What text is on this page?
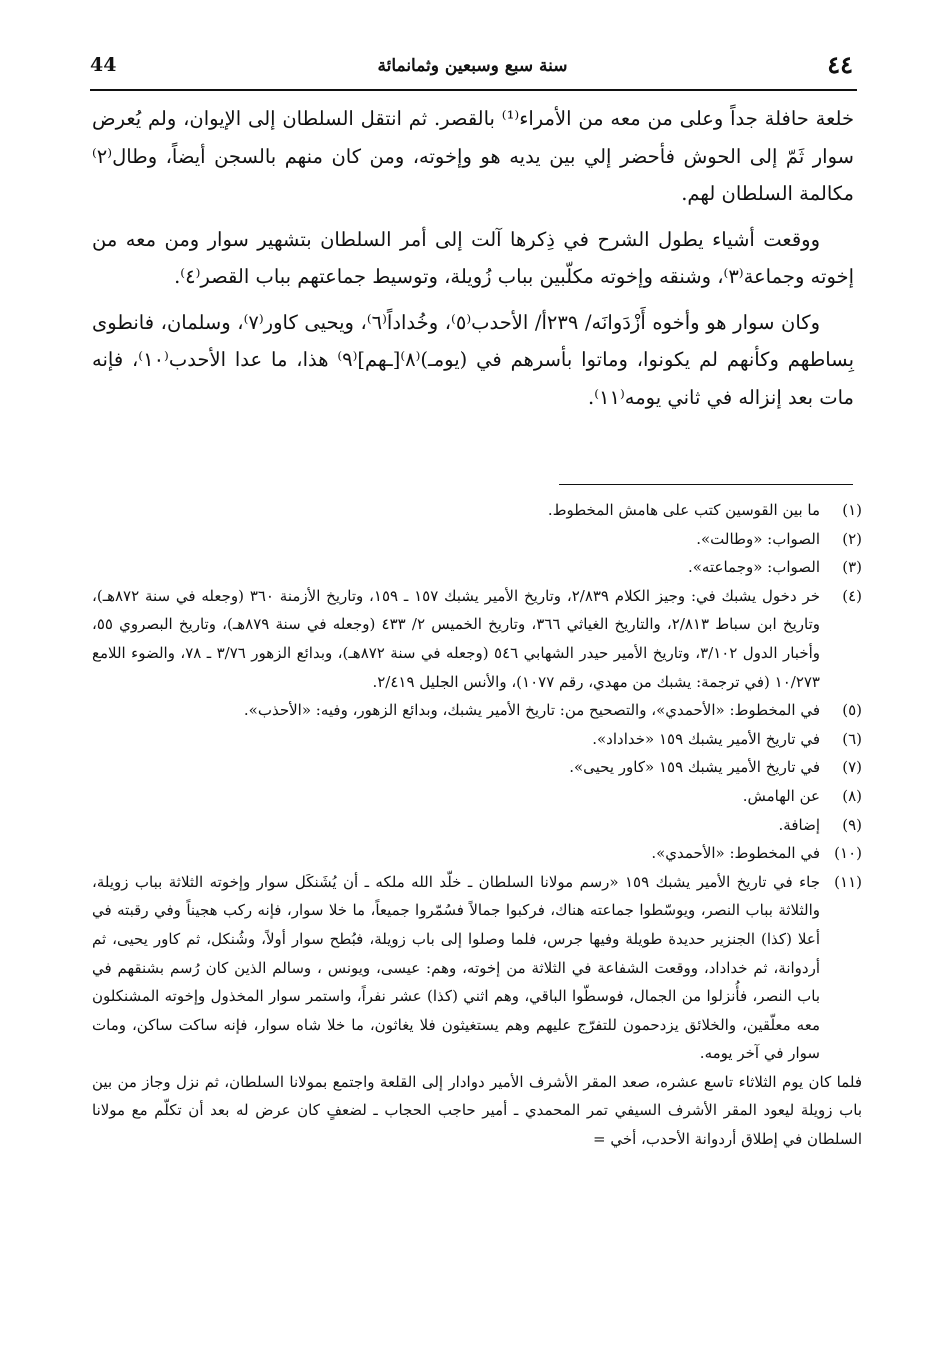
44	سنة سبع وسبعين وثمانمائة	٤٤

خلعة حافلة جداً وعلى من معه من الأمراء⁽¹⁾ بالقصر. ثم انتقل السلطان إلى الإيوان، ولم يُعرض سوار ثَمّ إلى الحوش فأحضر إلي بين يديه هو وإخوته، ومن كان منهم بالسجن أيضاً، وطال⁽٢⁾ مكالمة السلطان لهم.

ووقعت أشياء يطول الشرح في ذِكرها آلت إلى أمر السلطان بتشهير سوار ومن معه من إخوته وجماعة⁽٣⁾، وشنقه وإخوته مكلّبين بباب زُويلة، وتوسيط جماعتهم بباب القصر⁽٤⁾.

وكان سوار هو وأخوه أَزْدَوانَه/ ٢٣٩أ/ الأحدب⁽٥⁾، وخُداداً⁽٦⁾، ويحيى كاور⁽٧⁾، وسلمان، فانطوى بِساطهم وكأنهم لم يكونوا، وماتوا بأسرهم في (يومـ)⁽٨⁾[ـهم]⁽٩⁾ هذا، ما عدا الأحدب⁽١٠⁾، فإنه مات بعد إنزاله في ثاني يومه⁽١١⁾.

(١)
ما بين القوسين كتب على هامش المخطوط.
(٢)
الصواب: «وطالت».
(٣)
الصواب: «وجماعته».
(٤)
خر دخول يشبك في: وجيز الكلام ٢/٨٣٩، وتاريخ الأمير يشبك ١٥٧ ـ ١٥٩، وتاريخ الأزمنة ٣٦٠ (وجعله في سنة ٨٧٢هـ)، وتاريخ ابن سباط ٢/٨١٣، والتاريخ الغياثي ٣٦٦، وتاريخ الخميس ٢/ ٤٣٣ (وجعله في سنة ٨٧٩هـ)، وتاريخ البصروي ٥٥، وأخبار الدول ٣/١٠٢، وتاريخ الأمير حيدر الشهابي ٥٤٦ (وجعله في سنة ٨٧٢هـ)، وبدائع الزهور ٣/٧٦ ـ ٧٨، والضوء اللامع ١٠/٢٧٣ (في ترجمة: يشبك من مهدي، رقم ١٠٧٧)، والأنس الجليل ٢/٤١٩.
(٥)
في المخطوط: «الأحمدي»، والتصحيح من: تاريخ الأمير يشبك، وبدائع الزهور، وفيه: «الأحذب».
(٦)
في تاريخ الأمير يشبك ١٥٩ «خداداد».
(٧)
في تاريخ الأمير يشبك ١٥٩ «كاور يحيى».
(٨)
عن الهامش.
(٩)
إضافة.
(١٠)
في المخطوط: «الأحمدي».
(١١)
جاء في تاريخ الأمير يشبك ١٥٩ «رسم مولانا السلطان ـ خلّد الله ملكه ـ أن يُشَنكَل سوار وإخوته الثلاثة بباب زويلة، والثلاثة بباب النصر، ويوسّطوا جماعته هناك، فركبوا جمالاً فسُمّروا جميعاً، ما خلا سوار، فإنه ركب هجيناً وفي رقبته في أعلا (كذا) الجنزير حديدة طويلة وفيها جرس، فلما وصلوا إلى باب زويلة، فبُطح سوار أولاً، وشُنكل، ثم كاور يحيى، ثم أردوانة، ثم خداداد، ووقعت الشفاعة في الثلاثة من إخوته، وهم: عيسى، ويونس ، وسالم الذين كان رُسم بشنقهم في باب النصر، فأُنزلوا من الجمال، فوسطّوا الباقي، وهم اثني (كذا) عشر نفراً، واستمر سوار المخذول وإخوته المشنكلون معه معلّقين، والخلائق يزدحمون للتفرّج عليهم وهم يستغيثون فلا يغاثون، ما خلا شاه سوار، فإنه ساكت ساكن، ومات سوار في آخر يومه.

فلما كان يوم الثلاثاء تاسع عشره، صعد المقر الأشرف الأمير دوادار إلى القلعة واجتمع بمولانا السلطان، ثم نزل وجاز من بين باب زويلة ليعود المقر الأشرف السيفي تمر المحمدي ـ أمير حاجب الحجاب ـ لضعفٍ كان عرض له بعد أن تكلّم مع مولانا السلطان في إطلاق أردوانة الأحدب، أخي =
